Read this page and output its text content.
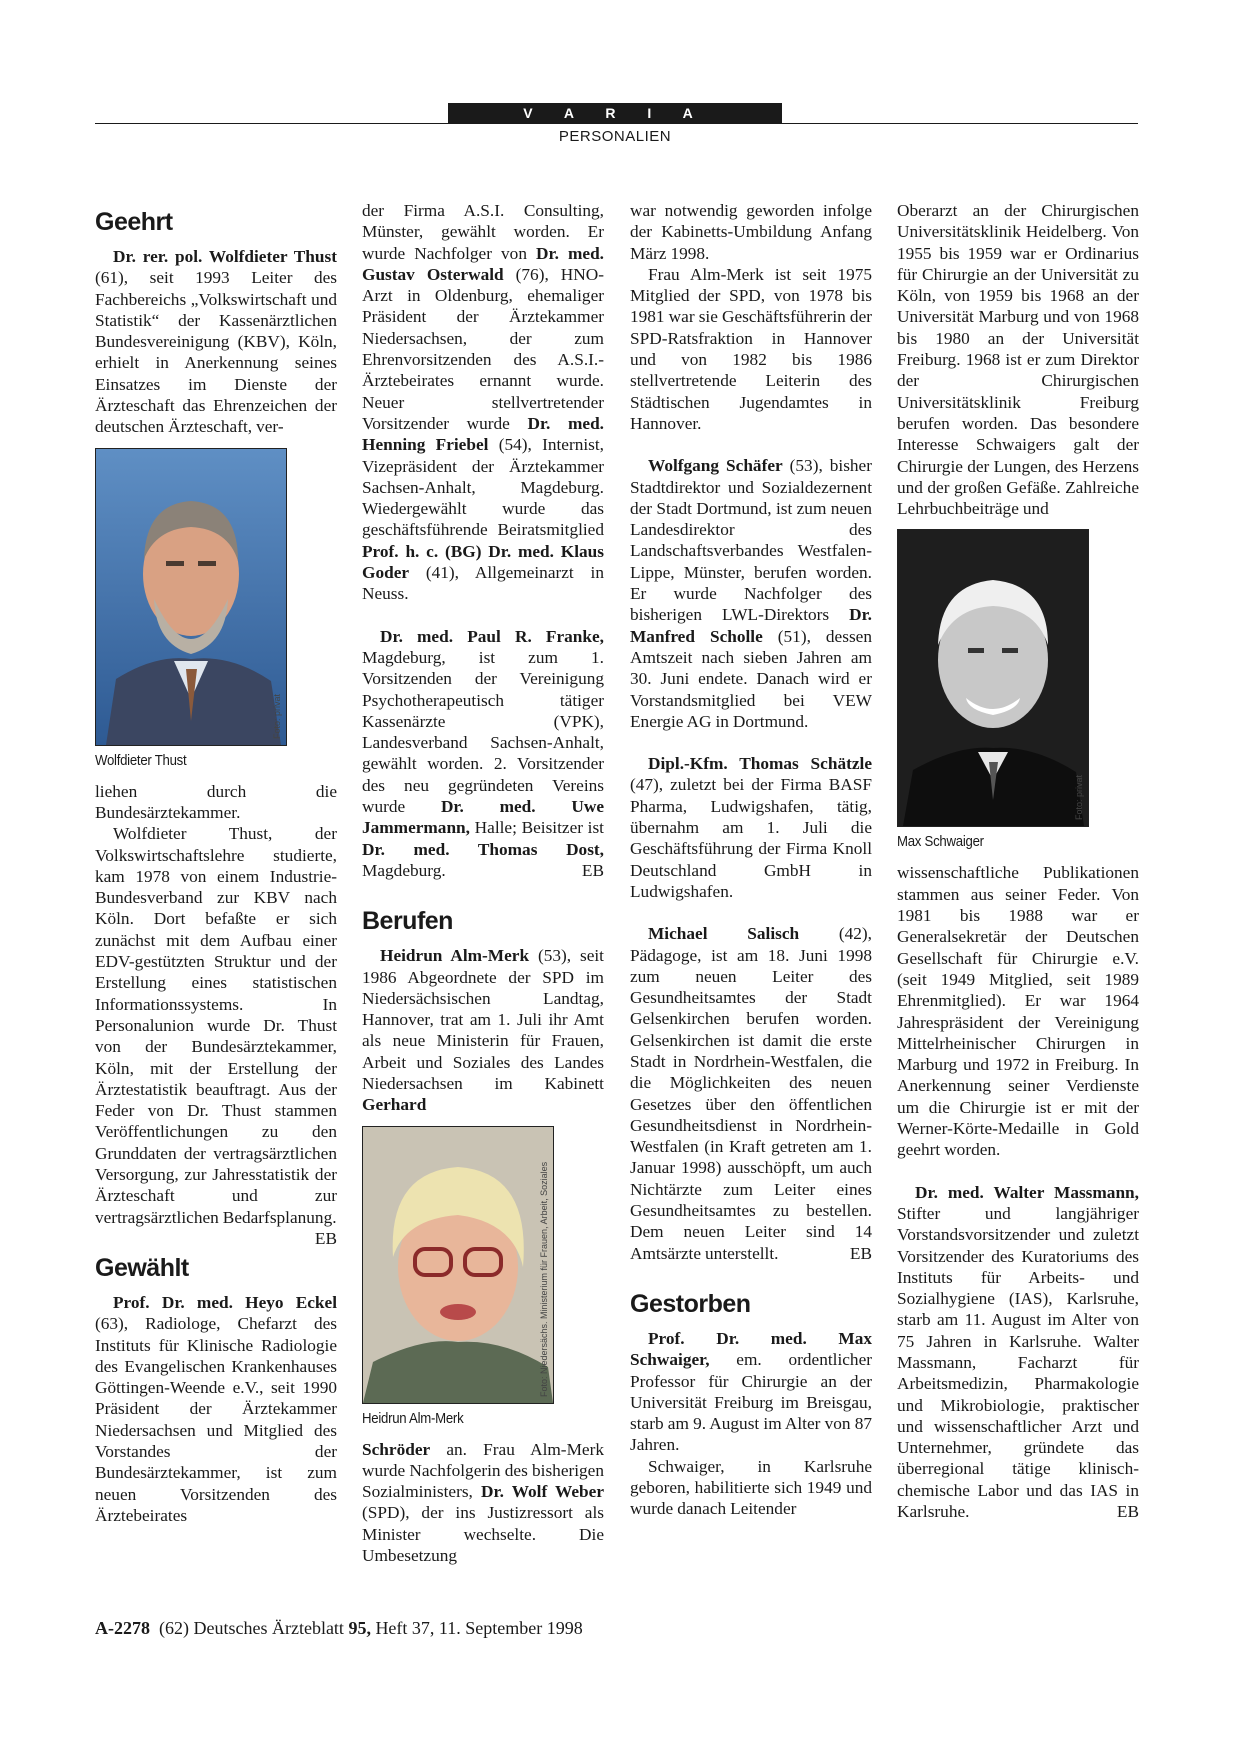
V A R I A
PERSONALIEN
Geehrt

Dr. rer. pol. Wolfdieter Thust (61), seit 1993 Leiter des Fachbereichs „Volkswirtschaft und Statistik“ der Kassenärztlichen Bundesvereinigung (KBV), Köln, erhielt in Anerkennung seines Einsatzes im Dienste der Ärzteschaft das Ehrenzeichen der deutschen Ärzteschaft, ver-

Foto: privat
Wolfdieter Thust

liehen durch die Bundesärztekammer.

Wolfdieter Thust, der Volkswirtschaftslehre studierte, kam 1978 von einem Industrie-Bundesverband zur KBV nach Köln. Dort befaßte er sich zunächst mit dem Aufbau einer EDV-gestützten Struktur und der Erstellung eines statistischen Informationssystems. In Personalunion wurde Dr. Thust von der Bundesärztekammer, Köln, mit der Erstellung der Ärztestatistik beauftragt. Aus der Feder von Dr. Thust stammen Veröffentlichungen zu den Grunddaten der vertragsärztlichen Versorgung, zur Jahresstatistik der Ärzteschaft und zur vertragsärztlichen Bedarfsplanung.
EB

Gewählt

Prof. Dr. med. Heyo Eckel (63), Radiologe, Chefarzt des Instituts für Klinische Radiologie des Evangelischen Krankenhauses Göttingen-Weende e.V., seit 1990 Präsident der Ärztekammer Niedersachsen und Mitglied des Vorstandes der Bundesärztekammer, ist zum neuen Vorsitzenden des Ärztebeirates

der Firma A.S.I. Consulting, Münster, gewählt worden. Er wurde Nachfolger von Dr. med. Gustav Osterwald (76), HNO-Arzt in Oldenburg, ehemaliger Präsident der Ärztekammer Niedersachsen, der zum Ehrenvorsitzenden des A.S.I.-Ärztebeirates ernannt wurde. Neuer stellvertretender Vorsitzender wurde Dr. med. Henning Friebel (54), Internist, Vizepräsident der Ärztekammer Sachsen-Anhalt, Magdeburg. Wiedergewählt wurde das geschäftsführende Beiratsmitglied Prof. h. c. (BG) Dr. med. Klaus Goder (41), Allgemeinarzt in Neuss.

Dr. med. Paul R. Franke, Magdeburg, ist zum 1. Vorsitzenden der Vereinigung Psychotherapeutisch tätiger Kassenärzte (VPK), Landesverband Sachsen-Anhalt, gewählt worden. 2. Vorsitzender des neu gegründeten Vereins wurde Dr. med. Uwe Jammermann, Halle; Beisitzer ist Dr. med. Thomas Dost, Magdeburg.	EB

Berufen

Heidrun Alm-Merk (53), seit 1986 Abgeordnete der SPD im Niedersächsischen Landtag, Hannover, trat am 1. Juli ihr Amt als neue Ministerin für Frauen, Arbeit und Soziales des Landes Niedersachsen im Kabinett Gerhard

Foto: Niedersächs. Ministerium für Frauen, Arbeit, Soziales
Heidrun Alm-Merk

Schröder an. Frau Alm-Merk wurde Nachfolgerin des bisherigen Sozialministers, Dr. Wolf Weber (SPD), der ins Justizressort als Minister wechselte. Die Umbesetzung

war notwendig geworden infolge der Kabinetts-Umbildung Anfang März 1998.

Frau Alm-Merk ist seit 1975 Mitglied der SPD, von 1978 bis 1981 war sie Geschäftsführerin der SPD-Ratsfraktion in Hannover und von 1982 bis 1986 stellvertretende Leiterin des Städtischen Jugendamtes in Hannover.

Wolfgang Schäfer (53), bisher Stadtdirektor und Sozialdezernent der Stadt Dortmund, ist zum neuen Landesdirektor des Landschaftsverbandes Westfalen-Lippe, Münster, berufen worden. Er wurde Nachfolger des bisherigen LWL-Direktors Dr. Manfred Scholle (51), dessen Amtszeit nach sieben Jahren am 30. Juni endete. Danach wird er Vorstandsmitglied bei VEW Energie AG in Dortmund.

Dipl.-Kfm. Thomas Schätzle (47), zuletzt bei der Firma BASF Pharma, Ludwigshafen, tätig, übernahm am 1. Juli die Geschäftsführung der Firma Knoll Deutschland GmbH in Ludwigshafen.

Michael Salisch (42), Pädagoge, ist am 18. Juni 1998 zum neuen Leiter des Gesundheitsamtes der Stadt Gelsenkirchen berufen worden. Gelsenkirchen ist damit die erste Stadt in Nordrhein-Westfalen, die die Möglichkeiten des neuen Gesetzes über den öffentlichen Gesundheitsdienst in Nordrhein-Westfalen (in Kraft getreten am 1. Januar 1998) ausschöpft, um auch Nichtärzte zum Leiter eines Gesundheitsamtes zu bestellen. Dem neuen Leiter sind 14 Amtsärzte unterstellt.	EB

Gestorben

Prof. Dr. med. Max Schwaiger, em. ordentlicher Professor für Chirurgie an der Universität Freiburg im Breisgau, starb am 9. August im Alter von 87 Jahren.

Schwaiger, in Karlsruhe geboren, habilitierte sich 1949 und wurde danach Leitender

Oberarzt an der Chirurgischen Universitätsklinik Heidelberg. Von 1955 bis 1959 war er Ordinarius für Chirurgie an der Universität zu Köln, von 1959 bis 1968 an der Universität Marburg und von 1968 bis 1980 an der Universität Freiburg. 1968 ist er zum Direktor der Chirurgischen Universitätsklinik Freiburg berufen worden. Das besondere Interesse Schwaigers galt der Chirurgie der Lungen, des Herzens und der großen Gefäße. Zahlreiche Lehrbuchbeiträge und

Foto: privat
Max Schwaiger

wissenschaftliche Publikationen stammen aus seiner Feder. Von 1981 bis 1988 war er Generalsekretär der Deutschen Gesellschaft für Chirurgie e.V. (seit 1949 Mitglied, seit 1989 Ehrenmitglied). Er war 1964 Jahrespräsident der Vereinigung Mittelrheinischer Chirurgen in Marburg und 1972 in Freiburg. In Anerkennung seiner Verdienste um die Chirurgie ist er mit der Werner-Körte-Medaille in Gold geehrt worden.

Dr. med. Walter Massmann, Stifter und langjähriger Vorstandsvorsitzender und zuletzt Vorsitzender des Kuratoriums des Instituts für Arbeits- und Sozialhygiene (IAS), Karlsruhe, starb am 11. August im Alter von 75 Jahren in Karlsruhe. Walter Massmann, Facharzt für Arbeitsmedizin, Pharmakologie und Mikrobiologie, praktischer und wissenschaftlicher Arzt und Unternehmer, gründete das überregional tätige klinisch-chemische Labor und das IAS in Karlsruhe.	EB

A-2278  (62) Deutsches Ärzteblatt 95, Heft 37, 11. September 1998
